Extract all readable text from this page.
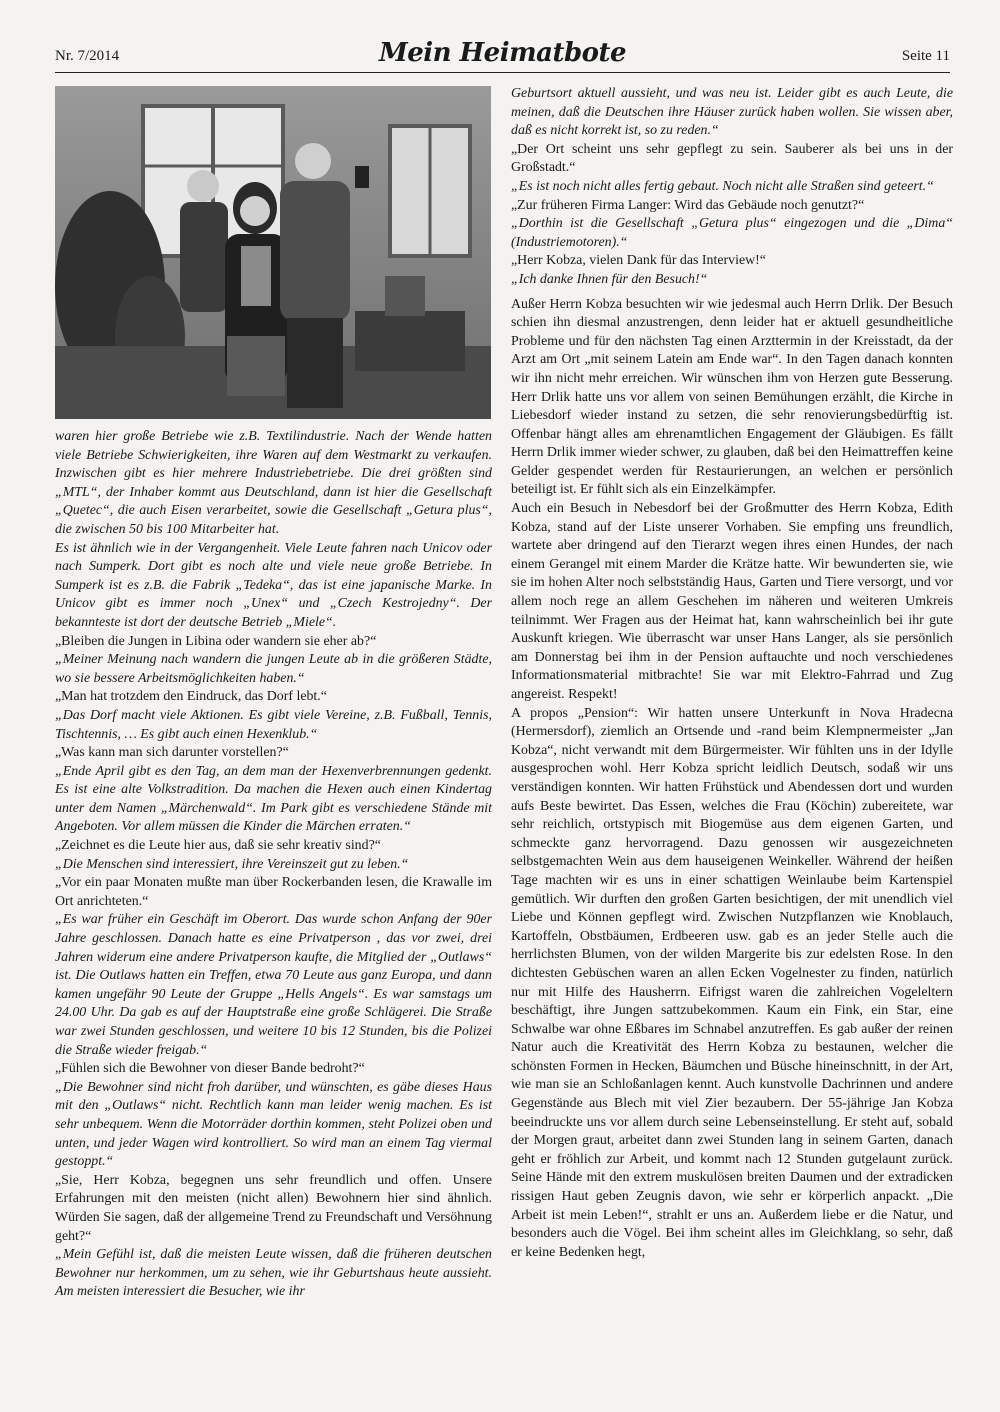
Nr. 7/2014	Mein Heimatbote	Seite 11

waren hier große Betriebe wie z.B. Textilindustrie. Nach der Wende hatten viele Betriebe Schwierigkeiten, ihre Waren auf dem Westmarkt zu verkaufen. Inzwischen gibt es hier mehrere Industriebetriebe. Die drei größten sind „MTL“, der Inhaber kommt aus Deutschland, dann ist hier die Gesellschaft „Quetec“, die auch Eisen verarbeitet, sowie die Gesellschaft „Getura plus“, die zwischen 50 bis 100 Mitarbeiter hat.

Es ist ähnlich wie in der Vergangenheit. Viele Leute fahren nach Unicov oder nach Sumperk. Dort gibt es noch alte und viele neue große Betriebe. In Sumperk ist es z.B. die Fabrik „Tedeka“, das ist eine japanische Marke. In Unicov gibt es immer noch „Unex“ und „Czech Kestrojedny“. Der bekannteste ist dort der deutsche Betrieb „Miele“.

„Bleiben die Jungen in Libina oder wandern sie eher ab?“

„Meiner Meinung nach wandern die jungen Leute ab in die größeren Städte, wo sie bessere Arbeitsmöglichkeiten haben.“

„Man hat trotzdem den Eindruck, das Dorf lebt.“

„Das Dorf macht viele Aktionen. Es gibt viele Vereine, z.B. Fußball, Tennis, Tischtennis, … Es gibt auch einen Hexenklub.“

„Was kann man sich darunter vorstellen?“

„Ende April gibt es den Tag, an dem man der Hexenverbrennungen gedenkt. Es ist eine alte Volkstradition. Da machen die Hexen auch einen Kindertag unter dem Namen „Märchenwald“. Im Park gibt es verschiedene Stände mit Angeboten. Vor allem müssen die Kinder die Märchen erraten.“

„Zeichnet es die Leute hier aus, daß sie sehr kreativ sind?“

„Die Menschen sind interessiert, ihre Vereinszeit gut zu leben.“

„Vor ein paar Monaten mußte man über Rockerbanden lesen, die Krawalle im Ort anrichteten.“

„Es war früher ein Geschäft im Oberort. Das wurde schon Anfang der 90er Jahre geschlossen. Danach hatte es eine Privatperson , das vor zwei, drei Jahren widerum eine andere Privatperson kaufte, die Mitglied der „Outlaws“ ist. Die Outlaws hatten ein Treffen, etwa 70 Leute aus ganz Europa, und dann kamen ungefähr 90 Leute der Gruppe „Hells Angels“. Es war samstags um 24.00 Uhr. Da gab es auf der Hauptstraße eine große Schlägerei. Die Straße war zwei Stunden geschlossen, und weitere 10 bis 12 Stunden, bis die Polizei die Straße wieder freigab.“

„Fühlen sich die Bewohner von dieser Bande bedroht?“

„Die Bewohner sind nicht froh darüber, und wünschten, es gäbe dieses Haus mit den „Outlaws“ nicht. Rechtlich kann man leider wenig machen. Es ist sehr unbequem. Wenn die Motorräder dorthin kommen, steht Polizei oben und unten, und jeder Wagen wird kontrolliert. So wird man an einem Tag viermal gestoppt.“

„Sie, Herr Kobza, begegnen uns sehr freundlich und offen. Unsere Erfahrungen mit den meisten (nicht allen) Bewohnern hier sind ähnlich. Würden Sie sagen, daß der allgemeine Trend zu Freundschaft und Versöhnung geht?“

„Mein Gefühl ist, daß die meisten Leute wissen, daß die früheren deutschen Bewohner nur herkommen, um zu sehen, wie ihr Geburtshaus heute aussieht. Am meisten interessiert die Besucher, wie ihr

Geburtsort aktuell aussieht, und was neu ist. Leider gibt es auch Leute, die meinen, daß die Deutschen ihre Häuser zurück haben wollen. Sie wissen aber, daß es nicht korrekt ist, so zu reden.“

„Der Ort scheint uns sehr gepflegt zu sein. Sauberer als bei uns in der Großstadt.“

„Es ist noch nicht alles fertig gebaut. Noch nicht alle Straßen sind geteert.“

„Zur früheren Firma Langer: Wird das Gebäude noch genutzt?“

„Dorthin ist die Gesellschaft „Getura plus“ eingezogen und die „Dima“ (Industriemotoren).“

„Herr Kobza, vielen Dank für das Interview!“

„Ich danke Ihnen für den Besuch!“

Außer Herrn Kobza besuchten wir wie jedesmal auch Herrn Drlik. Der Besuch schien ihn diesmal anzustrengen, denn leider hat er aktuell gesundheitliche Probleme und für den nächsten Tag einen Arzttermin in der Kreisstadt, da der Arzt am Ort „mit seinem Latein am Ende war“. In den Tagen danach konnten wir ihn nicht mehr erreichen. Wir wünschen ihm von Herzen gute Besserung. Herr Drlik hatte uns vor allem von seinen Bemühungen erzählt, die Kirche in Liebesdorf wieder instand zu setzen, die sehr renovierungsbedürftig ist. Offenbar hängt alles am ehrenamtlichen Engagement der Gläubigen. Es fällt Herrn Drlik immer wieder schwer, zu glauben, daß bei den Heimattreffen keine Gelder gespendet werden für Restaurierungen, an welchen er persönlich beteiligt ist. Er fühlt sich als ein Einzelkämpfer.

Auch ein Besuch in Nebesdorf bei der Großmutter des Herrn Kobza, Edith Kobza, stand auf der Liste unserer Vorhaben. Sie empfing uns freundlich, wartete aber dringend auf den Tierarzt wegen ihres einen Hundes, der nach einem Gerangel mit einem Marder die Krätze hatte. Wir bewunderten sie, wie sie im hohen Alter noch selbstständig Haus, Garten und Tiere versorgt, und vor allem noch rege an allem Geschehen im näheren und weiteren Umkreis teilnimmt. Wer Fragen aus der Heimat hat, kann wahrscheinlich bei ihr gute Auskunft kriegen. Wie überrascht war unser Hans Langer, als sie persönlich am Donnerstag bei ihm in der Pension auftauchte und noch verschiedenes Informationsmaterial mitbrachte! Sie war mit Elektro-Fahrrad und Zug angereist. Respekt!

A propos „Pension“: Wir hatten unsere Unterkunft in Nova Hradecna (Hermersdorf), ziemlich an Ortsende und -rand beim Klempnermeister „Jan Kobza“, nicht verwandt mit dem Bürgermeister. Wir fühlten uns in der Idylle ausgesprochen wohl. Herr Kobza spricht leidlich Deutsch, sodaß wir uns verständigen konnten. Wir hatten Frühstück und Abendessen dort und wurden aufs Beste bewirtet. Das Essen, welches die Frau (Köchin) zubereitete, war sehr reichlich, ortstypisch mit Biogemüse aus dem eigenen Garten, und schmeckte ganz hervorragend. Dazu genossen wir ausgezeichneten selbstgemachten Wein aus dem hauseigenen Weinkeller. Während der heißen Tage machten wir es uns in einer schattigen Weinlaube beim Kartenspiel gemütlich. Wir durften den großen Garten besichtigen, der mit unendlich viel Liebe und Können gepflegt wird. Zwischen Nutzpflanzen wie Knoblauch, Kartoffeln, Obstbäumen, Erdbeeren usw. gab es an jeder Stelle auch die herrlichsten Blumen, von der wilden Margerite bis zur edelsten Rose. In den dichtesten Gebüschen waren an allen Ecken Vogelnester zu finden, natürlich nur mit Hilfe des Hausherrn. Eifrigst waren die zahlreichen Vogeleltern beschäftigt, ihre Jungen sattzubekommen. Kaum ein Fink, ein Star, eine Schwalbe war ohne Eßbares im Schnabel anzutreffen. Es gab außer der reinen Natur auch die Kreativität des Herrn Kobza zu bestaunen, welcher die schönsten Formen in Hecken, Bäumchen und Büsche hineinschnitt, in der Art, wie man sie an Schloßanlagen kennt. Auch kunstvolle Dachrinnen und andere Gegenstände aus Blech mit viel Zier bezaubern. Der 55-jährige Jan Kobza beeindruckte uns vor allem durch seine Lebenseinstellung. Er steht auf, sobald der Morgen graut, arbeitet dann zwei Stunden lang in seinem Garten, danach geht er fröhlich zur Arbeit, und kommt nach 12 Stunden gutgelaunt zurück. Seine Hände mit den extrem muskulösen breiten Daumen und der extradicken rissigen Haut geben Zeugnis davon, wie sehr er körperlich anpackt. „Die Arbeit ist mein Leben!“, strahlt er uns an. Außerdem liebe er die Natur, und besonders auch die Vögel. Bei ihm scheint alles im Gleichklang, so sehr, daß er keine Bedenken hegt,
